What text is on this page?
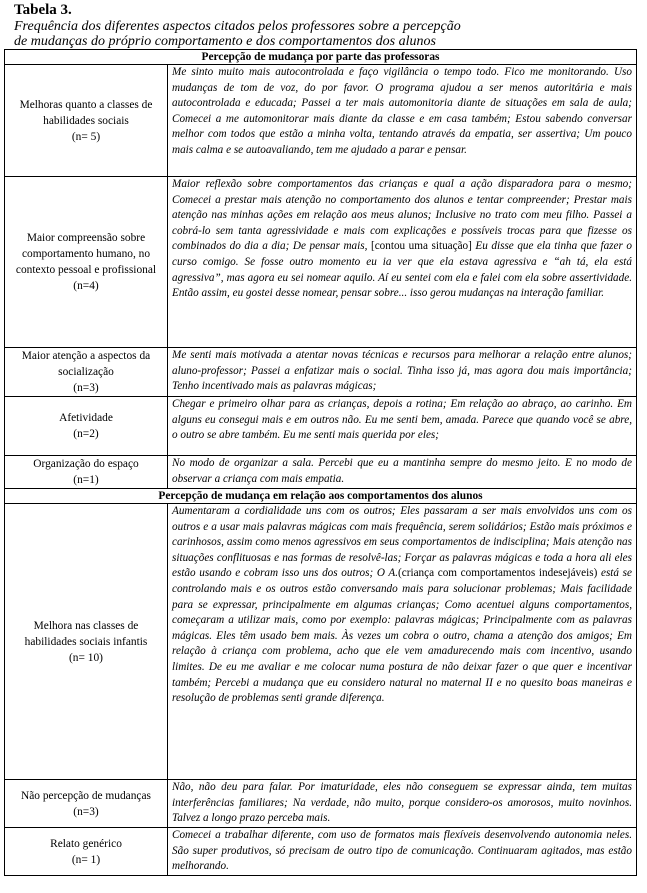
Tabela 3.
Frequência dos diferentes aspectos citados pelos professores sobre a percepção
de mudanças do próprio comportamento e dos comportamentos dos alunos
Percepção de mudança por parte das professoras	
Melhoras quanto a classes de habilidades sociais
(n= 5)	Me sinto muito mais autocontrolada e faço vigilância o tempo todo. Fico me monitorando. Uso mudanças de tom de voz, do por favor. O programa ajudou a ser menos autoritária e mais autocontrolada e educada; Passei a ter mais automonitoria diante de situações em sala de aula; Comecei a me automonitorar mais diante da classe e em casa também; Estou sabendo conversar melhor com todos que estão a minha volta, tentando através da empatia, ser assertiva; Um pouco mais calma e se autoavaliando, tem me ajudado a parar e pensar.
Maior compreensão sobre comportamento humano, no contexto pessoal e profissional
(n=4)	Maior reflexão sobre comportamentos das crianças e qual a ação disparadora para o mesmo; Comecei a prestar mais atenção no comportamento dos alunos e tentar compreender; Prestar mais atenção nas minhas ações em relação aos meus alunos; Inclusive no trato com meu filho. Passei a cobrá-lo sem tanta agressividade e mais com explicações e possíveis trocas para que fizesse os combinados do dia a dia; De pensar mais, [contou uma situação] Eu disse que ela tinha que fazer o curso comigo. Se fosse outro momento eu ia ver que ela estava agressiva e “ah tá, ela está agressiva”, mas agora eu sei nomear aquilo. Aí eu sentei com ela e falei com ela sobre assertividade. Então assim, eu gostei desse nomear, pensar sobre... isso gerou mudanças na interação familiar.
Maior atenção a aspectos da socialização
(n=3)	Me senti mais motivada a atentar novas técnicas e recursos para melhorar a relação entre alunos; aluno-professor; Passei a enfatizar mais o social. Tinha isso já, mas agora dou mais importância; Tenho incentivado mais as palavras mágicas;
Afetividade
(n=2)	Chegar e primeiro olhar para as crianças, depois a rotina; Em relação ao abraço, ao carinho. Em alguns eu consegui mais e em outros não. Eu me senti bem, amada. Parece que quando você se abre, o outro se abre também. Eu me senti mais querida por eles;
Organização do espaço
(n=1)	No modo de organizar a sala. Percebi que eu a mantinha sempre do mesmo jeito. E no modo de observar a criança com mais empatia.
Percepção de mudança em relação aos comportamentos dos alunos	
Melhora nas classes de habilidades sociais infantis
(n= 10)	Aumentaram a cordialidade uns com os outros; Eles passaram a ser mais envolvidos uns com os outros e a usar mais palavras mágicas com mais frequência, serem solidários; Estão mais próximos e carinhosos, assim como menos agressivos em seus comportamentos de indisciplina; Mais atenção nas situações conflituosas e nas formas de resolvê-las; Forçar as palavras mágicas e toda a hora ali eles estão usando e cobram isso uns dos outros; O A.(criança com comportamentos indesejáveis) está se controlando mais e os outros estão conversando mais para solucionar problemas; Mais facilidade para se expressar, principalmente em algumas crianças; Como acentuei alguns comportamentos, começaram a utilizar mais, como por exemplo: palavras mágicas; Principalmente com as palavras mágicas. Eles têm usado bem mais. Às vezes um cobra o outro, chama a atenção dos amigos; Em relação à criança com problema, acho que ele vem amadurecendo mais com incentivo, usando limites. De eu me avaliar e me colocar numa postura de não deixar fazer o que quer e incentivar também; Percebi a mudança que eu considero natural no maternal II e no quesito boas maneiras e resolução de problemas senti grande diferença.
Não percepção de mudanças
(n=3)	Não, não deu para falar. Por imaturidade, eles não conseguem se expressar ainda, tem muitas interferências familiares; Na verdade, não muito, porque considero-os amorosos, muito novinhos. Talvez a longo prazo perceba mais.
Relato genérico
(n= 1)	Comecei a trabalhar diferente, com uso de formatos mais flexíveis desenvolvendo autonomia neles. São super produtivos, só precisam de outro tipo de comunicação. Continuaram agitados, mas estão melhorando.
